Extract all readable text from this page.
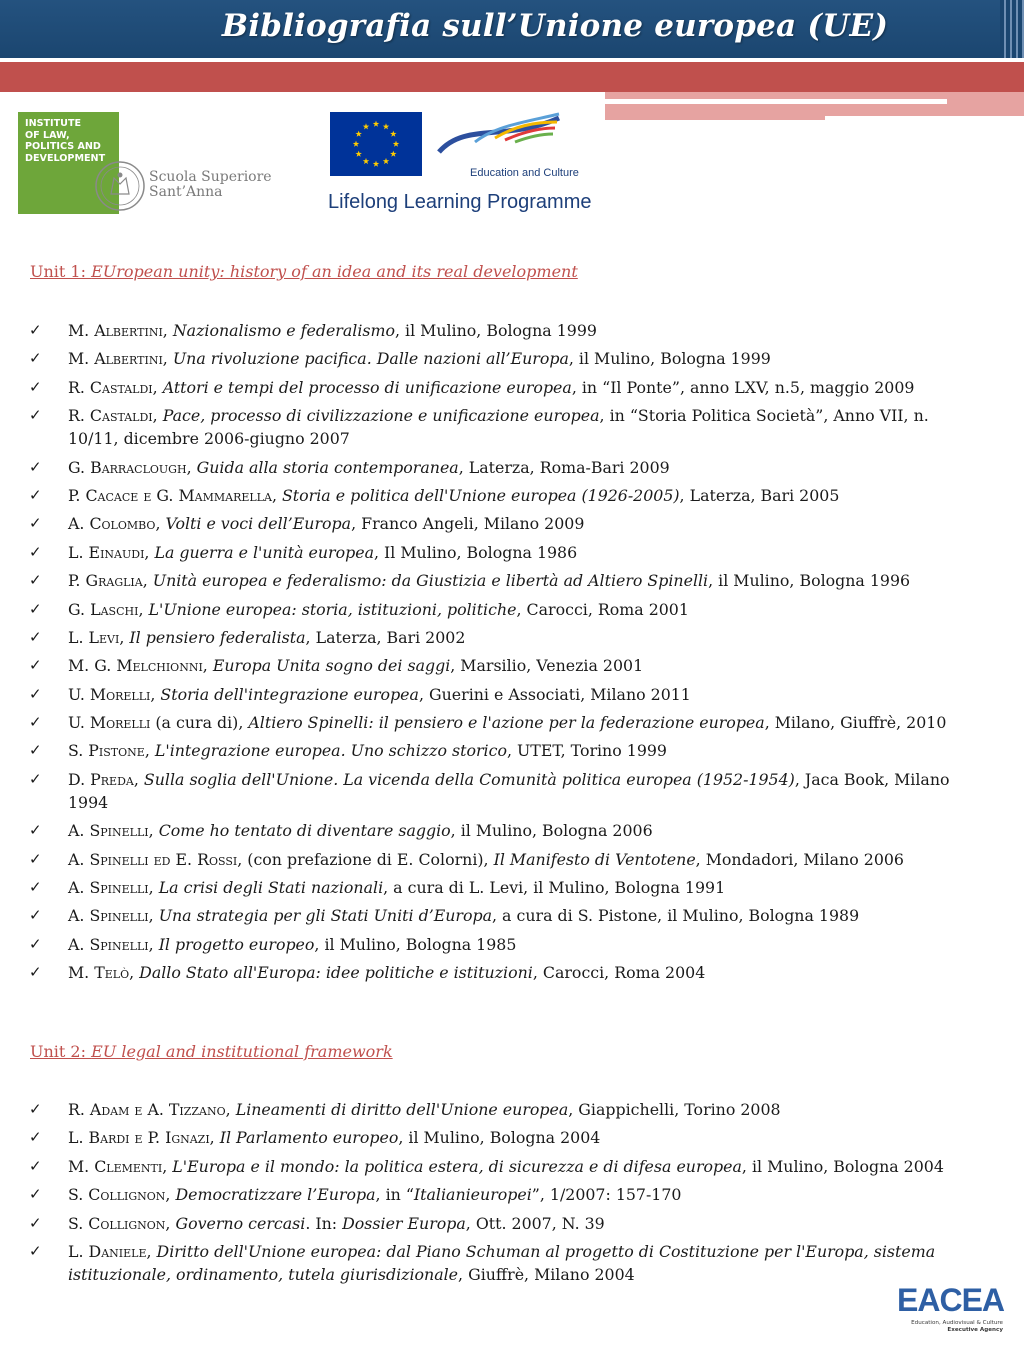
Bibliografia sull’Unione europea (UE)
INSTITUTE
OF LAW,
POLITICS AND
DEVELOPMENT
Scuola Superiore
Sant’Anna
Education and Culture
Lifelong Learning Programme
Unit 1: EUropean unity: history of an idea and its real development
✓ M. Albertini, Nazionalismo e federalismo, il Mulino, Bologna 1999
✓ M. Albertini, Una rivoluzione pacifica. Dalle nazioni all’Europa, il Mulino, Bologna 1999
✓ R. Castaldi, Attori e tempi del processo di unificazione europea, in “Il Ponte”, anno LXV, n.5, maggio 2009
✓ R. Castaldi, Pace, processo di civilizzazione e unificazione europea, in “Storia Politica Società”, Anno VII, n. 10/11, dicembre 2006-giugno 2007
✓ G. Barraclough, Guida alla storia contemporanea, Laterza, Roma-Bari 2009
✓ P. Cacace e G. Mammarella, Storia e politica dell'Unione europea (1926-2005), Laterza, Bari 2005
✓ A. Colombo, Volti e voci dell’Europa, Franco Angeli, Milano 2009
✓ L. Einaudi, La guerra e l'unità europea, Il Mulino, Bologna 1986
✓ P. Graglia, Unità europea e federalismo: da Giustizia e libertà ad Altiero Spinelli, il Mulino, Bologna 1996
✓ G. Laschi, L'Unione europea: storia, istituzioni, politiche, Carocci, Roma 2001
✓ L. Levi, Il pensiero federalista, Laterza, Bari 2002
✓ M. G. Melchionni, Europa Unita sogno dei saggi, Marsilio, Venezia 2001
✓ U. Morelli, Storia dell'integrazione europea, Guerini e Associati, Milano 2011
✓ U. Morelli (a cura di), Altiero Spinelli: il pensiero e l'azione per la federazione europea, Milano, Giuffrè, 2010
✓ S. Pistone, L'integrazione europea. Uno schizzo storico, UTET, Torino 1999
✓ D. Preda, Sulla soglia dell'Unione. La vicenda della Comunità politica europea (1952-1954), Jaca Book, Milano 1994
✓ A. Spinelli, Come ho tentato di diventare saggio, il Mulino, Bologna 2006
✓ A. Spinelli ed E. Rossi, (con prefazione di E. Colorni), Il Manifesto di Ventotene, Mondadori, Milano 2006
✓ A. Spinelli, La crisi degli Stati nazionali, a cura di L. Levi, il Mulino, Bologna 1991
✓ A. Spinelli, Una strategia per gli Stati Uniti d’Europa, a cura di S. Pistone, il Mulino, Bologna 1989
✓ A. Spinelli, Il progetto europeo, il Mulino, Bologna 1985
✓ M. Telò, Dallo Stato all'Europa: idee politiche e istituzioni, Carocci, Roma 2004
Unit 2: EU legal and institutional framework
✓ R. Adam e A. Tizzano, Lineamenti di diritto dell'Unione europea, Giappichelli, Torino 2008
✓ L. Bardi e P. Ignazi, Il Parlamento europeo, il Mulino, Bologna 2004
✓ M. Clementi, L'Europa e il mondo: la politica estera, di sicurezza e di difesa europea, il Mulino, Bologna 2004
✓ S. Collignon, Democratizzare l’Europa, in “Italianieuropei”, 1/2007: 157-170
✓ S. Collignon, Governo cercasi. In: Dossier Europa, Ott. 2007, N. 39
✓ L. Daniele, Diritto dell'Unione europea: dal Piano Schuman al progetto di Costituzione per l'Europa, sistema istituzionale, ordinamento, tutela giurisdizionale, Giuffrè, Milano 2004
EACEA
Education, Audiovisual & Culture
Executive Agency
